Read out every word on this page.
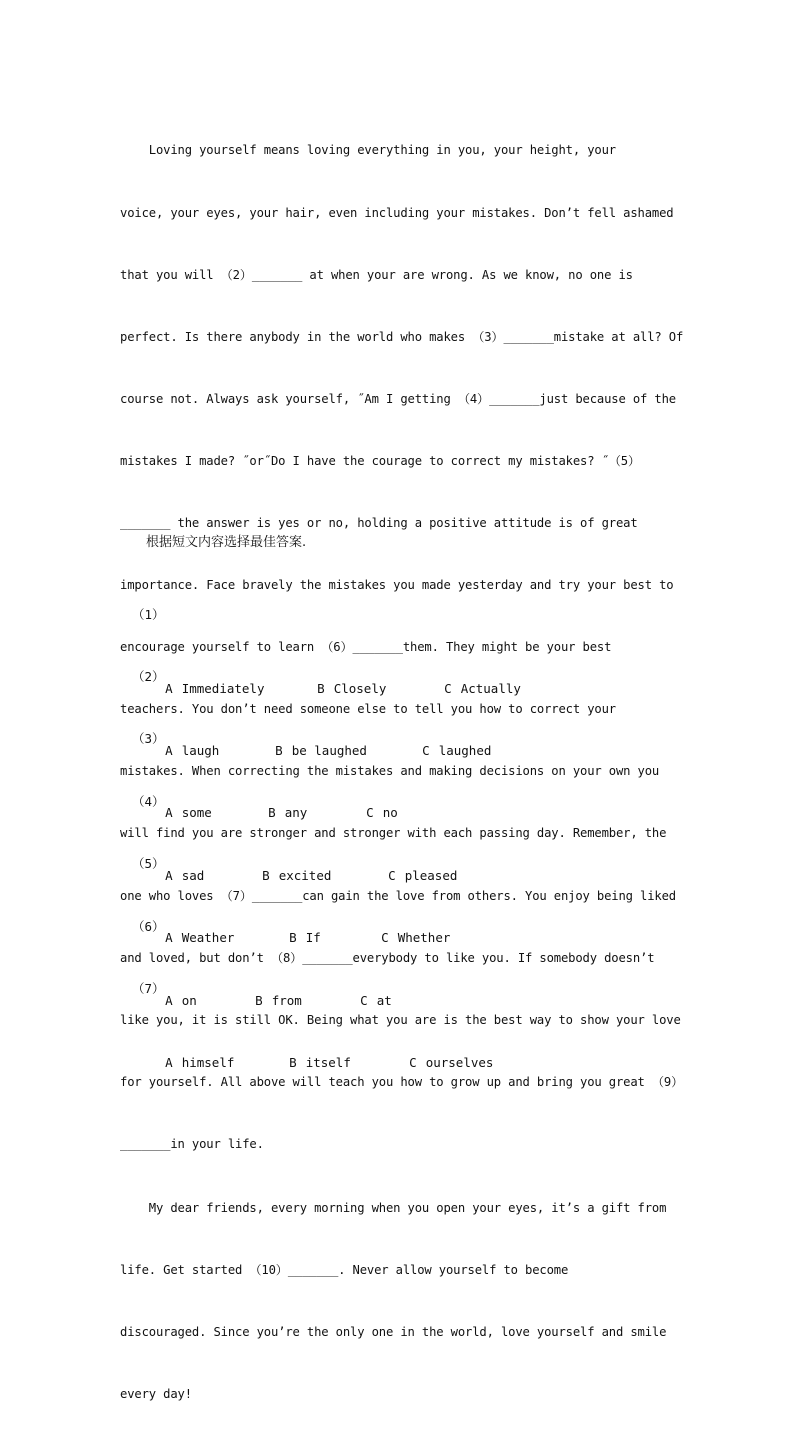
Loving yourself means loving everything in you, your height, your

voice, your eyes, your hair, even including your mistakes. Don’t fell ashamed

that you will （2）_______ at when your are wrong. As we know, no one is

perfect. Is there anybody in the world who makes （3）_______mistake at all? Of

course not. Always ask yourself, ˝Am I getting （4）_______just because of the

mistakes I made? ˝or˝Do I have the courage to correct my mistakes? ˝（5）

_______ the answer is yes or no, holding a positive attitude is of great

importance. Face bravely the mistakes you made yesterday and try your best to

encourage yourself to learn （6）_______them. They might be your best

teachers. You don’t need someone else to tell you how to correct your

mistakes. When correcting the mistakes and making decisions on your own you

will find you are stronger and stronger with each passing day. Remember, the

one who loves （7）_______can gain the love from others. You enjoy being liked

and loved, but don’t （8）_______everybody to like you. If somebody doesn’t

like you, it is still OK. Being what you are is the best way to show your love

for yourself. All above will teach you how to grow up and bring you great （9）

_______in your life.

My dear friends, every morning when you open your eyes, it’s a gift from

life. Get started （10）_______. Never allow yourself to become

discouraged. Since you’re the only one in the world, love yourself and smile

every day!

根据短文内容选择最佳答案.

（1）

A Immediately	B Closely	C Actually

（2）

A laugh	B be laughed	C laughed

（3）

A some	B any	C no

（4）

A sad	B excited	C pleased

（5）

A Weather	B If	C Whether

（6）

A on	B from	C at

（7）

A himself	B itself	C ourselves
